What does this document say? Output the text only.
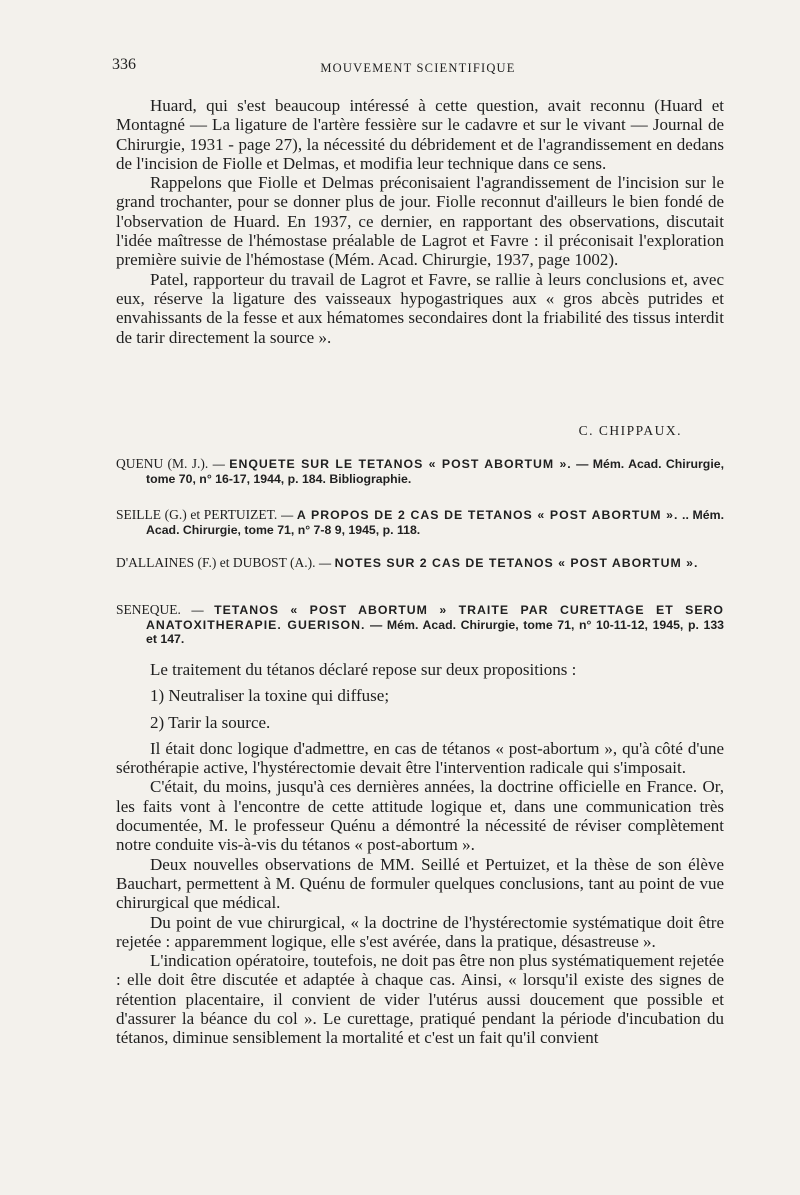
336	MOUVEMENT SCIENTIFIQUE

Huard, qui s'est beaucoup intéressé à cette question, avait reconnu (Huard et Montagné — La ligature de l'artère fessière sur le cadavre et sur le vivant — Journal de Chirurgie, 1931 - page 27), la nécessité du débridement et de l'agrandissement en dedans de l'incision de Fiolle et Delmas, et modifia leur technique dans ce sens.

Rappelons que Fiolle et Delmas préconisaient l'agrandissement de l'incision sur le grand trochanter, pour se donner plus de jour. Fiolle reconnut d'ailleurs le bien fondé de l'observation de Huard. En 1937, ce dernier, en rapportant des observations, discutait l'idée maîtresse de l'hémostase préalable de Lagrot et Favre : il préconisait l'exploration première suivie de l'hémostase (Mém. Acad. Chirurgie, 1937, page 1002).

Patel, rapporteur du travail de Lagrot et Favre, se rallie à leurs conclusions et, avec eux, réserve la ligature des vaisseaux hypogastriques aux « gros abcès putrides et envahissants de la fesse et aux hématomes secondaires dont la friabilité des tissus interdit de tarir directement la source ».

C. CHIPPAUX.

QUENU (M. J.). — ENQUETE SUR LE TETANOS « POST ABORTUM ». — Mém. Acad. Chirurgie, tome 70, n° 16-17, 1944, p. 184. Bibliographie.

SEILLE (G.) et PERTUIZET. — A PROPOS DE 2 CAS DE TETANOS « POST ABORTUM ». .. Mém. Acad. Chirurgie, tome 71, n° 7-8 9, 1945, p. 118.

D'ALLAINES (F.) et DUBOST (A.). — NOTES SUR 2 CAS DE TETANOS « POST ABORTUM ».

SENEQUE. — TETANOS « POST ABORTUM » TRAITE PAR CURETTAGE ET SERO ANATOXITHERAPIE. GUERISON. — Mém. Acad. Chirurgie, tome 71, n° 10-11-12, 1945, p. 133 et 147.

Le traitement du tétanos déclaré repose sur deux propositions :

1) Neutraliser la toxine qui diffuse;

2) Tarir la source.

Il était donc logique d'admettre, en cas de tétanos « post-abortum », qu'à côté d'une sérothérapie active, l'hystérectomie devait être l'intervention radicale qui s'imposait.

C'était, du moins, jusqu'à ces dernières années, la doctrine officielle en France. Or, les faits vont à l'encontre de cette attitude logique et, dans une communication très documentée, M. le professeur Quénu a démontré la nécessité de réviser complètement notre conduite vis-à-vis du tétanos « post-abortum ».

Deux nouvelles observations de MM. Seillé et Pertuizet, et la thèse de son élève Bauchart, permettent à M. Quénu de formuler quelques conclusions, tant au point de vue chirurgical que médical.

Du point de vue chirurgical, « la doctrine de l'hystérectomie systématique doit être rejetée : apparemment logique, elle s'est avérée, dans la pratique, désastreuse ».

L'indication opératoire, toutefois, ne doit pas être non plus systématiquement rejetée : elle doit être discutée et adaptée à chaque cas. Ainsi, « lorsqu'il existe des signes de rétention placentaire, il convient de vider l'utérus aussi doucement que possible et d'assurer la béance du col ». Le curettage, pratiqué pendant la période d'incubation du tétanos, diminue sensiblement la mortalité et c'est un fait qu'il convient
